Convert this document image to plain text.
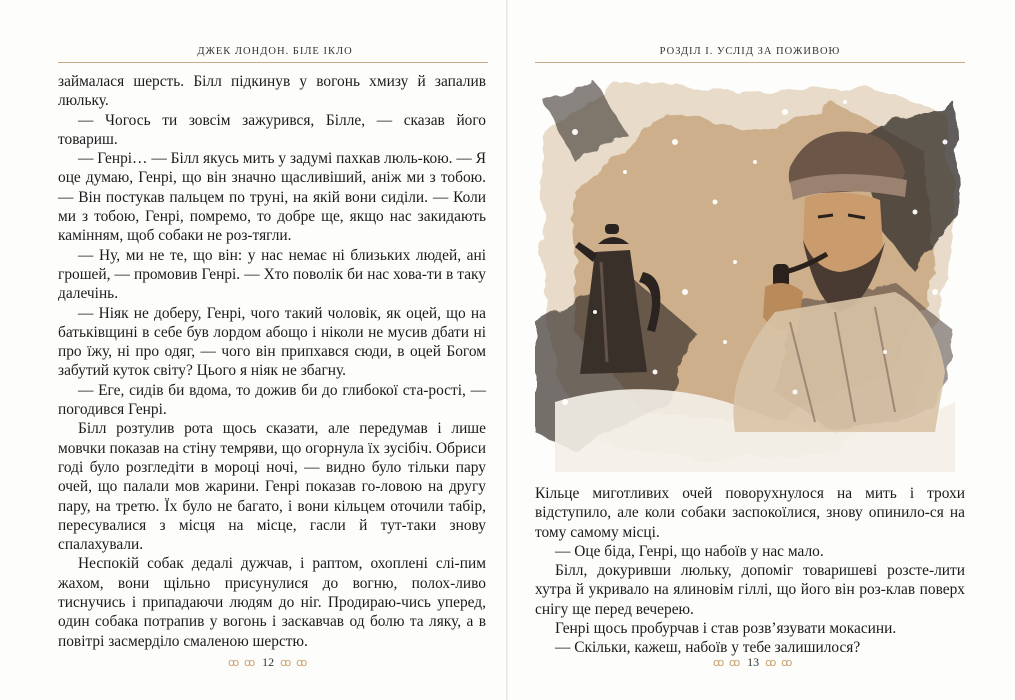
ДЖЕК ЛОНДОН. БІЛЕ ІКЛО

займалася шерсть. Білл підкинув у вогонь хмизу й запалив люльку.

— Чогось ти зовсім зажурився, Білле, — сказав його товариш.

— Генрі… — Білл якусь мить у задумі пахкав люль-кою. — Я оце думаю, Генрі, що він значно щасливіший, аніж ми з тобою. — Він постукав пальцем по труні, на якій вони сиділи. — Коли ми з тобою, Генрі, помремо, то добре ще, якщо нас закидають камінням, щоб собаки не роз-тягли.

— Ну, ми не те, що він: у нас немає ні близьких людей, ані грошей, — промовив Генрі. — Хто поволік би нас хова-ти в таку далечінь.

— Ніяк не доберу, Генрі, чого такий чоловік, як оцей, що на батьківщині в себе був лордом абощо і ніколи не мусив дбати ні про їжу, ні про одяг, — чого він припхався сюди, в оцей Богом забутий куток світу? Цього я ніяк не збагну.

— Еге, сидів би вдома, то дожив би до глибокої ста-рості, — погодився Генрі.

Білл розтулив рота щось сказати, але передумав і лише мовчки показав на стіну темряви, що огорнула їх зусібіч. Обриси годі було розгледіти в мороці ночі, — видно було тільки пару очей, що палали мов жарини. Генрі показав го-ловою на другу пару, на третю. Їх було не багато, і вони кільцем оточили табір, пересувалися з місця на місце, гасли й тут-таки знову спалахували.

Неспокій собак дедалі дужчав, і раптом, охоплені слі-пим жахом, вони щільно присунулися до вогню, полох-ливо тиснучись і припадаючи людям до ніг. Продираю-чись уперед, один собака потрапив у вогонь і заскавчав од болю та ляку, а в повітрі засмерділо смаленою шерстю.

ꝏ ꝏ 12 ꝏ ꝏ
РОЗДІЛ І. УСЛІД ЗА ПОЖИВОЮ

Кільце миготливих очей поворухнулося на мить і трохи відступило, але коли собаки заспокоїлися, знову опинило-ся на тому самому місці.

— Оце біда, Генрі, що набоїв у нас мало.

Білл, докуривши люльку, допоміг товаришеві розсте-лити хутра й укривало на ялиновім гіллі, що його він роз-клав поверх снігу ще перед вечерею.

Генрі щось пробурчав і став розв’язувати мокасини.

— Скільки, кажеш, набоїв у тебе залишилося?

ꝏ ꝏ 13 ꝏ ꝏ
